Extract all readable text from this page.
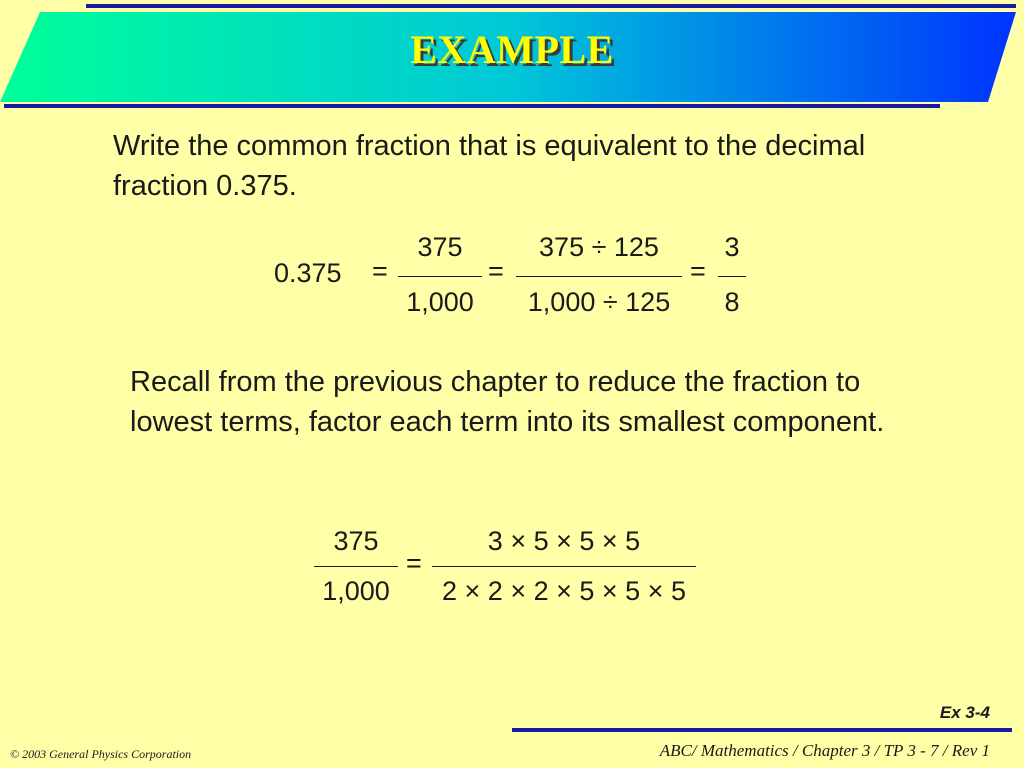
EXAMPLE
Write the common fraction that is equivalent to the decimal fraction 0.375.
0.375 =
375
1,000
=
375 ÷ 125
1,000 ÷ 125
=
3
8
Recall from the previous chapter to reduce the fraction to lowest terms, factor each term into its smallest component.
375
1,000
=
3 × 5 × 5 × 5
2 × 2 × 2 × 5 × 5 × 5
Ex 3-4
ABC/ Mathematics / Chapter 3 / TP 3 - 7 / Rev 1
© 2003 General Physics Corporation
